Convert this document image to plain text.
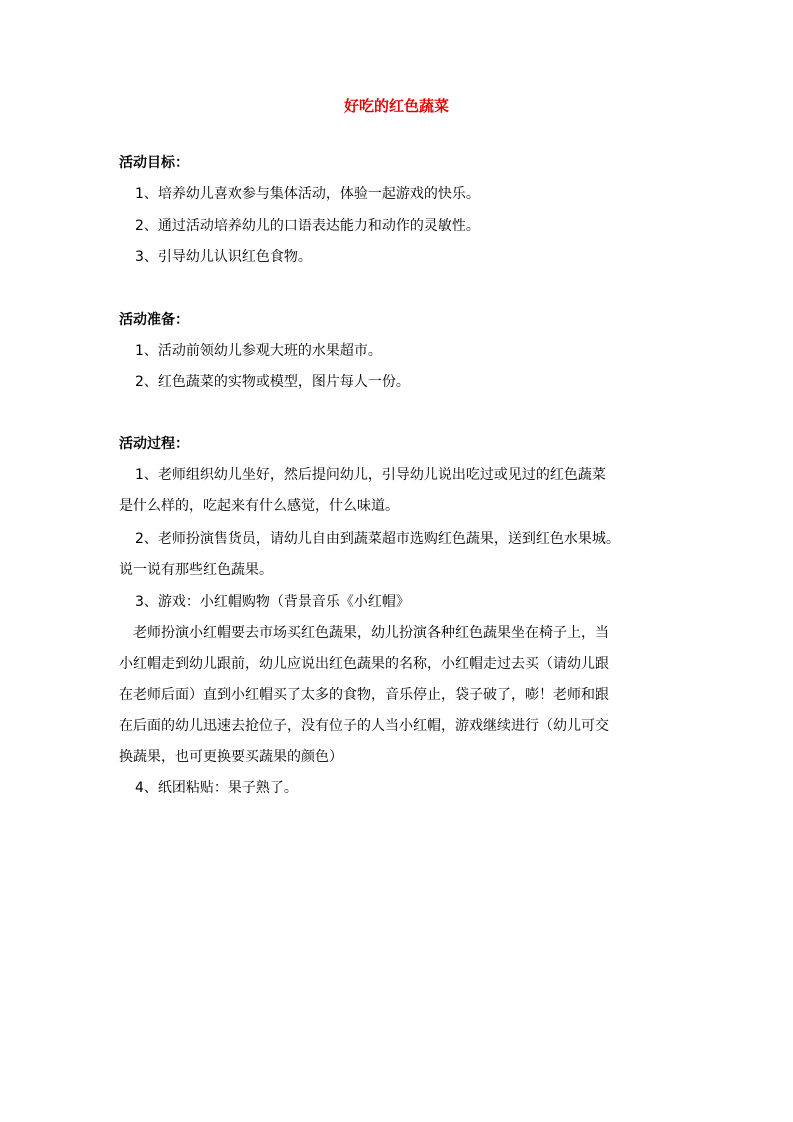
好吃的红色蔬菜
活动目标：
1、培养幼儿喜欢参与集体活动，体验一起游戏的快乐。
2、通过活动培养幼儿的口语表达能力和动作的灵敏性。
3、引导幼儿认识红色食物。
活动准备：
1、活动前领幼儿参观大班的水果超市。
2、红色蔬菜的实物或模型，图片每人一份。
活动过程：
1、老师组织幼儿坐好，然后提问幼儿，引导幼儿说出吃过或见过的红色蔬菜
是什么样的，吃起来有什么感觉，什么味道。
2、老师扮演售货员，请幼儿自由到蔬菜超市选购红色蔬果，送到红色水果城。
说一说有那些红色蔬果。
3、游戏：小红帽购物（背景音乐《小红帽》
老师扮演小红帽要去市场买红色蔬果，幼儿扮演各种红色蔬果坐在椅子上，当
小红帽走到幼儿跟前，幼儿应说出红色蔬果的名称，小红帽走过去买（请幼儿跟
在老师后面）直到小红帽买了太多的食物，音乐停止，袋子破了，嘭！老师和跟
在后面的幼儿迅速去抢位子，没有位子的人当小红帽，游戏继续进行（幼儿可交
换蔬果，也可更换要买蔬果的颜色）
4、纸团粘贴：果子熟了。
